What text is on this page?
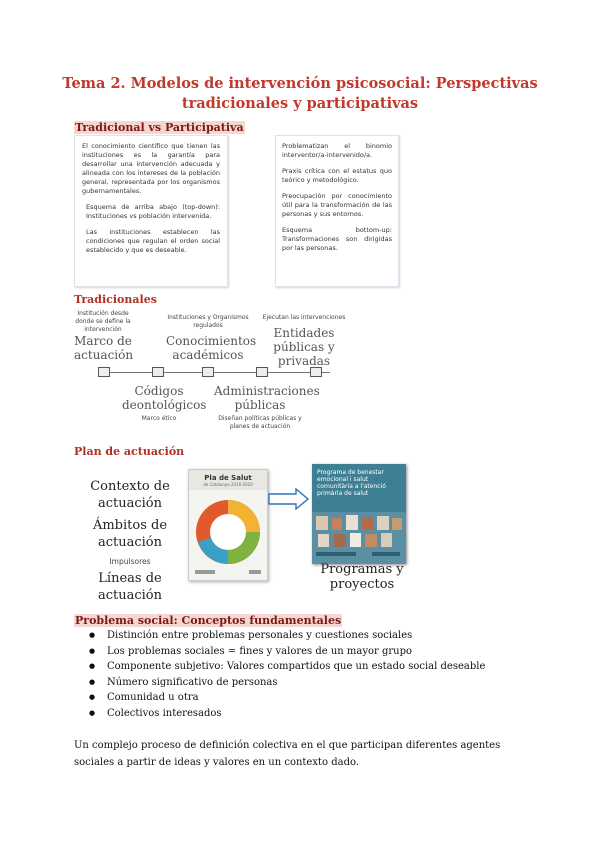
Tema 2. Modelos de intervención psicosocial: Perspectivas tradicionales y participativas
Tradicional vs Participativa

El conocimiento científico que tienen las instituciones es la garantía para desarrollar una intervención adecuada y alineada con los intereses de la población general, representada por los organismos gubernamentales.

Esquema de arriba abajo (top-down): Instituciones vs población intervenida.

Las instituciones establecen las condiciones que regulan el orden social establecido y que es deseable.

Problematizan el binomio interventor/a-intervenido/a.

Praxis crítica con el estatus quo teórico y metodológico.

Preocupación por conocimiento útil para la transformación de las personas y sus entornos.

Esquema bottom-up: Transformaciones son dirigidas por las personas.

Tradicionales
Institución desde donde se define la intervención
Marco de actuación
Instituciones y Organismos regulados
Conocimientos académicos
Ejecutan las intervenciones
Entidades públicas y privadas
Códigos deontológicos
Marco ético
Administraciones públicas
Diseñan políticas públicas y planes de actuación
Plan de actuación
Contexto de actuación
Ámbitos de actuación
Impulsores
Líneas de actuación
Pla de Salut
de Catalunya 2016-2020
Programa de benestar emocional i salut comunitària a l'atenció primària de salut
Programas y proyectos
Problema social: Conceptos fundamentales
● Distinción entre problemas personales y cuestiones sociales
● Los problemas sociales = fines y valores de un mayor grupo
● Componente subjetivo: Valores compartidos que un estado social deseable
● Número significativo de personas
● Comunidad u otra
● Colectivos interesados
Un complejo proceso de definición colectiva en el que participan diferentes agentes sociales a partir de ideas y valores en un contexto dado.
